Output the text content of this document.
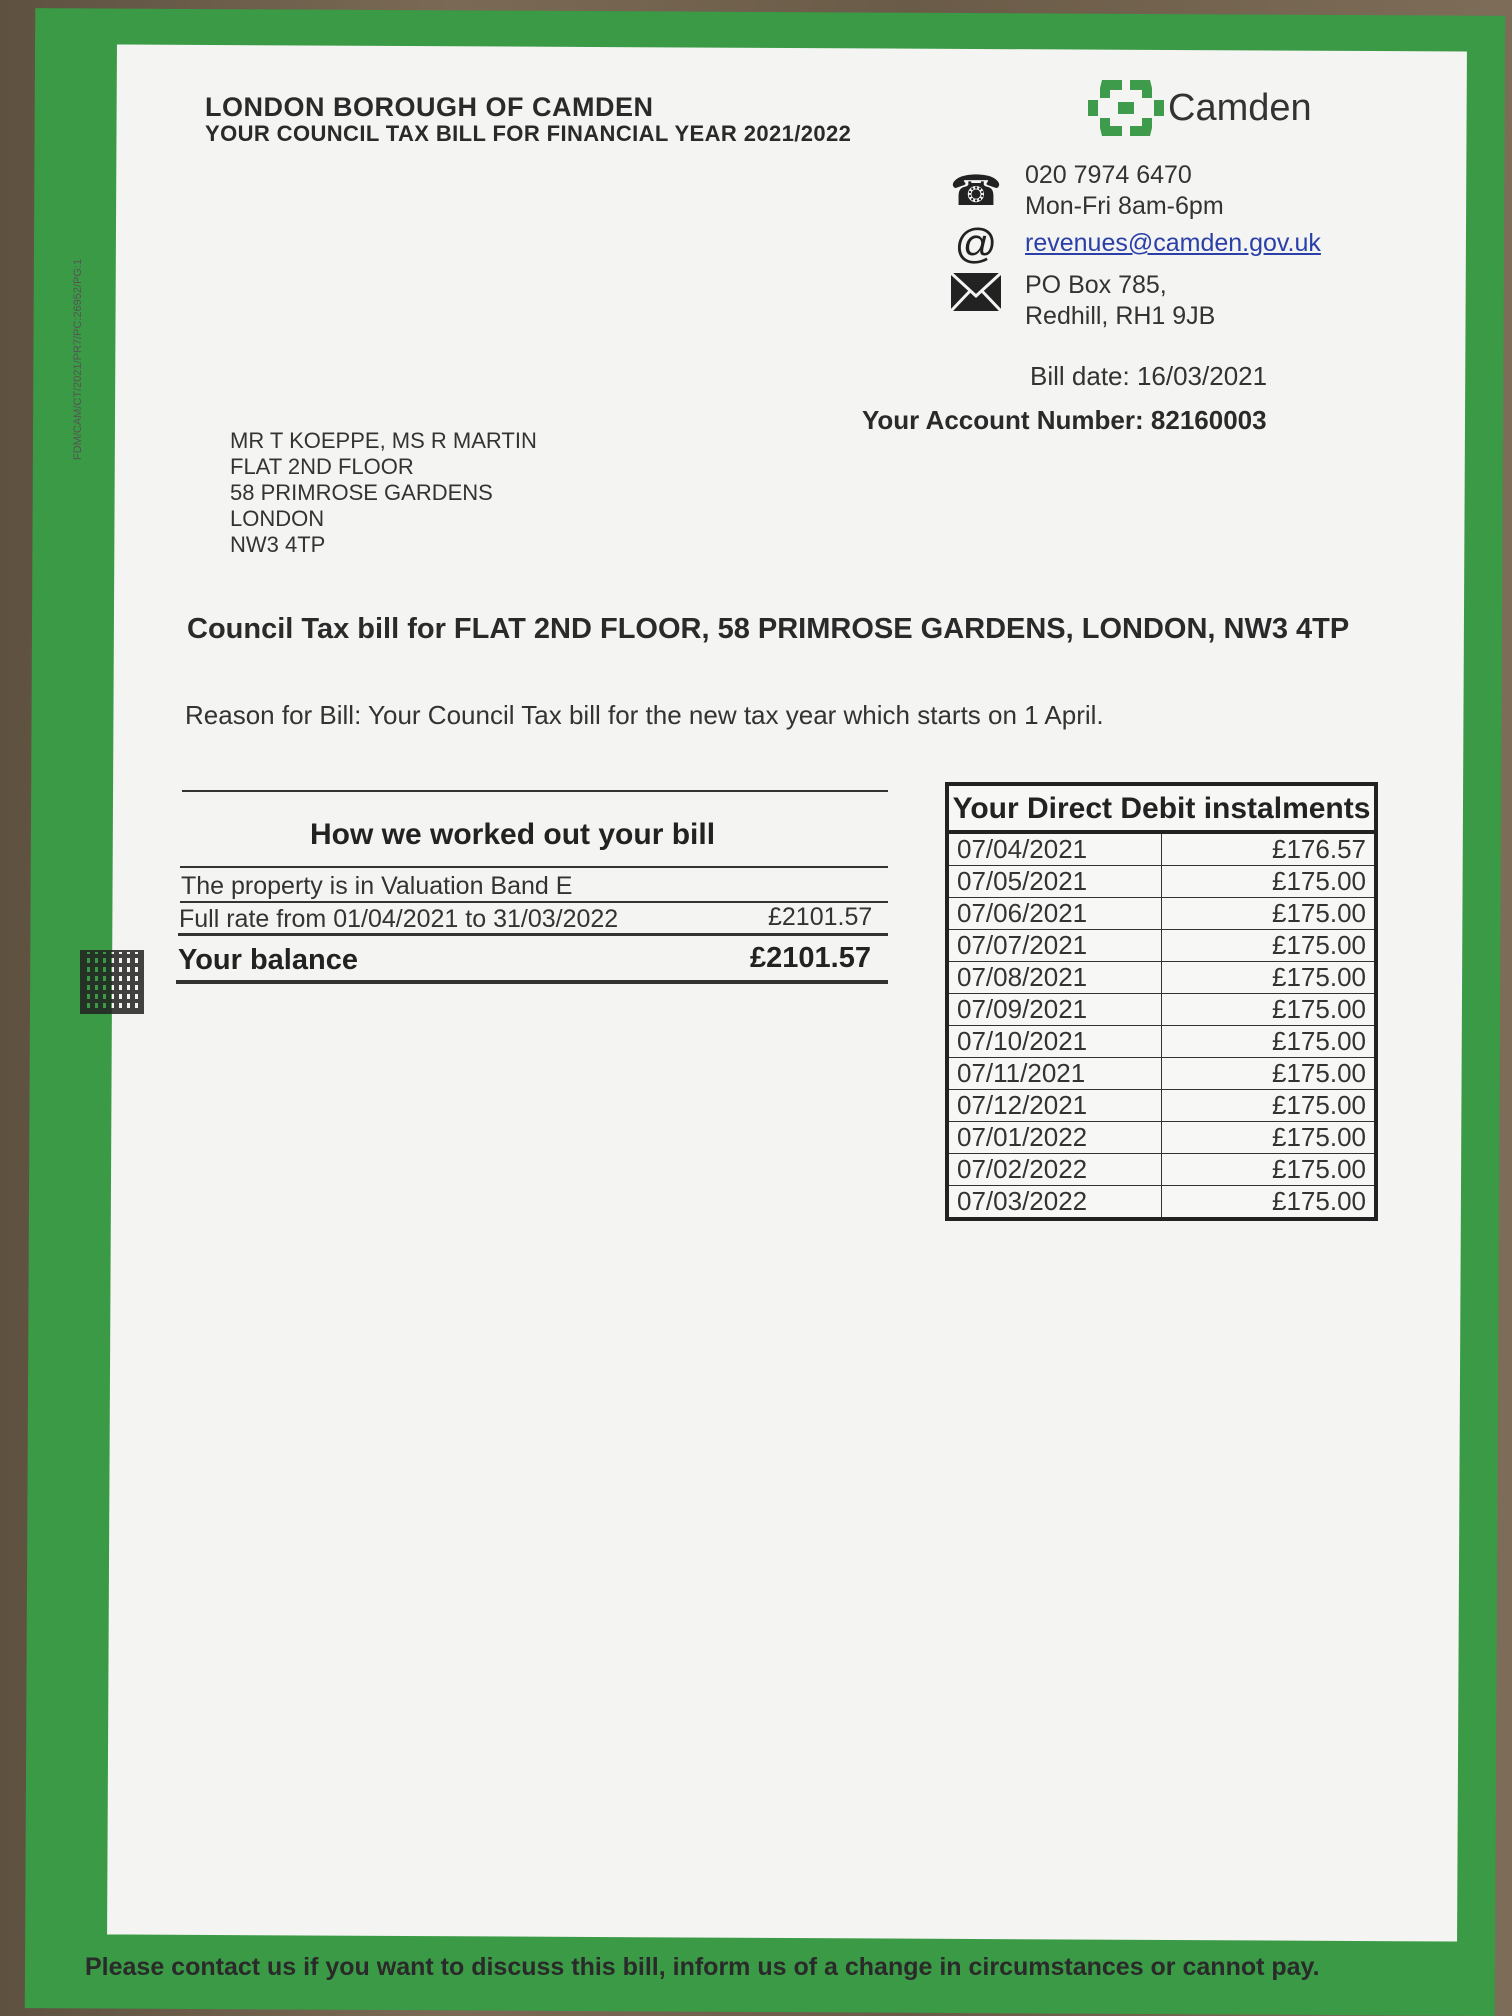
LONDON BOROUGH OF CAMDEN
YOUR COUNCIL TAX BILL FOR FINANCIAL YEAR 2021/2022
Camden
☎ 020 7974 6470
Mon-Fri 8am-6pm
@ revenues@camden.gov.uk
PO Box 785,
Redhill, RH1 9JB
Bill date: 16/03/2021
Your Account Number: 82160003
FDM/CAM/CT/2021/PR7/PC:26952/PG:1	MR T KOEPPE, MS R MARTIN
FLAT 2ND FLOOR
58 PRIMROSE GARDENS
LONDON
NW3 4TP
Council Tax bill for FLAT 2ND FLOOR, 58 PRIMROSE GARDENS, LONDON, NW3 4TP
Reason for Bill: Your Council Tax bill for the new tax year which starts on 1 April.
How we worked out your bill
The property is in Valuation Band E
Full rate from 01/04/2021 to 31/03/2022	£2101.57
Your balance	£2101.57
Your Direct Debit instalments
07/04/2021	£176.57
07/05/2021	£175.00
07/06/2021	£175.00
07/07/2021	£175.00
07/08/2021	£175.00
07/09/2021	£175.00
07/10/2021	£175.00
07/11/2021	£175.00
07/12/2021	£175.00
07/01/2022	£175.00
07/02/2022	£175.00
07/03/2022	£175.00
Please contact us if you want to discuss this bill, inform us of a change in circumstances or cannot pay.
